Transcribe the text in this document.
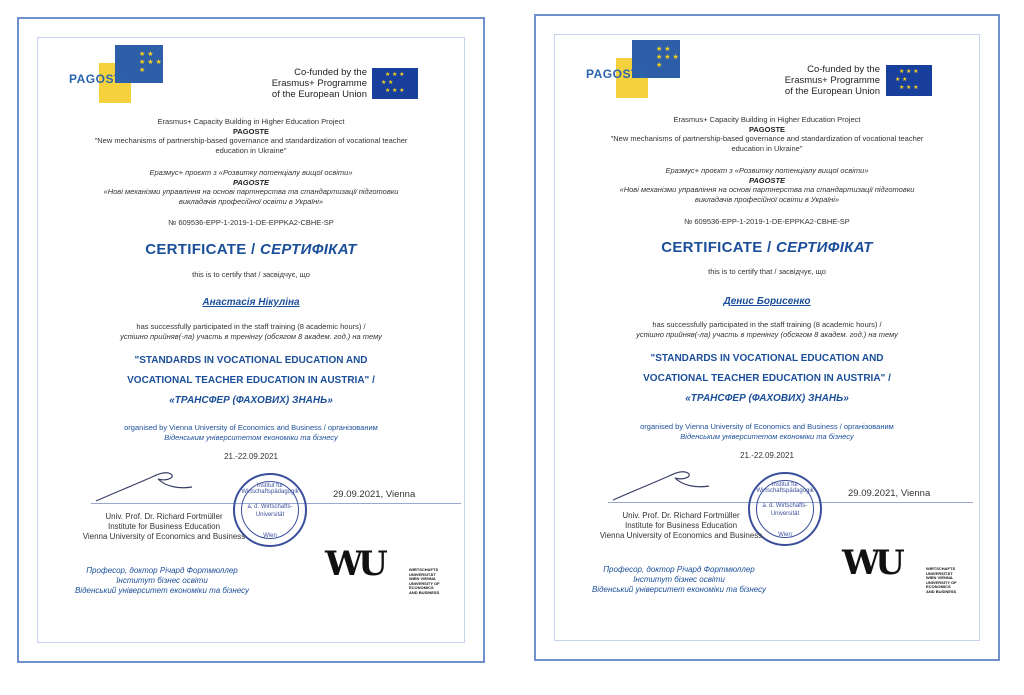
★ ★
★ ★ ★
★
PAGOSTE	Co-funded by the
Erasmus+ Programme
of the European Union
★ ★ ★
★ ★
★ ★ ★
Erasmus+ Capacity Building in Higher Education Project
PAGOSTE
"New mechanisms of partnership-based governance and standardization of vocational teacher
education in Ukraine"
Еразмус+ проєкт з «Розвитку потенціалу вищої освіти»
PAGOSTE
«Нові механізми управління на основі партнерства та стандартизації підготовки
викладачів професійної освіти в Україні»
№ 609536-EPP-1-2019-1-DE-EPPKA2-CBHE-SP
CERTIFICATE / СЕРТИФІКАТ
this is to certify that / засвідчує, що
Анастасія Нікуліна
has successfully participated in the staff training (8 academic hours) /
успішно прийняв(-ла) участь в тренінгу (обсягом 8 академ. год.) на тему
"STANDARDS IN VOCATIONAL EDUCATION AND
VOCATIONAL TEACHER EDUCATION IN AUSTRIA" /
«ТРАНСФЕР (ФАХОВИХ) ЗНАНЬ»
organised by Vienna University of Economics and Business / організованим
Віденським університетом економіки та бізнесу
21.-22.09.2021
29.09.2021, Vienna
Institut für Wirtschaftspädagogik
a. d. Wirtschafts-
Universität
Wien
Univ. Prof. Dr. Richard Fortmüller
Institute for Business Education
Vienna University of Economics and Business
Професор, доктор Річард Фортмюллер
Інститут бізнес освіти
Віденський університет економіки та бізнесу
WU	WIRTSCHAFTS
UNIVERSITÄT
WIEN VIENNA
UNIVERSITY OF
ECONOMICS
AND BUSINESS
★ ★
★ ★ ★
★
PAGOSTE	Co-funded by the
Erasmus+ Programme
of the European Union
★ ★ ★
★ ★
★ ★ ★
Erasmus+ Capacity Building in Higher Education Project
PAGOSTE
"New mechanisms of partnership-based governance and standardization of vocational teacher
education in Ukraine"
Еразмус+ проєкт з «Розвитку потенціалу вищої освіти»
PAGOSTE
«Нові механізми управління на основі партнерства та стандартизації підготовки
викладачів професійної освіти в Україні»
№ 609536-EPP-1-2019-1-DE-EPPKA2-CBHE-SP
CERTIFICATE / СЕРТИФІКАТ
this is to certify that / засвідчує, що
Денис Борисенко
has successfully participated in the staff training (8 academic hours) /
успішно прийняв(-ла) участь в тренінгу (обсягом 8 академ. год.) на тему
"STANDARDS IN VOCATIONAL EDUCATION AND
VOCATIONAL TEACHER EDUCATION IN AUSTRIA" /
«ТРАНСФЕР (ФАХОВИХ) ЗНАНЬ»
organised by Vienna University of Economics and Business / організованим
Віденським університетом економіки та бізнесу
21.-22.09.2021
29.09.2021, Vienna
Institut für Wirtschaftspädagogik
a. d. Wirtschafts-
Universität
Wien
Univ. Prof. Dr. Richard Fortmüller
Institute for Business Education
Vienna University of Economics and Business
Професор, доктор Річард Фортмюллер
Інститут бізнес освіти
Віденський університет економіки та бізнесу
WU	WIRTSCHAFTS
UNIVERSITÄT
WIEN VIENNA
UNIVERSITY OF
ECONOMICS
AND BUSINESS
